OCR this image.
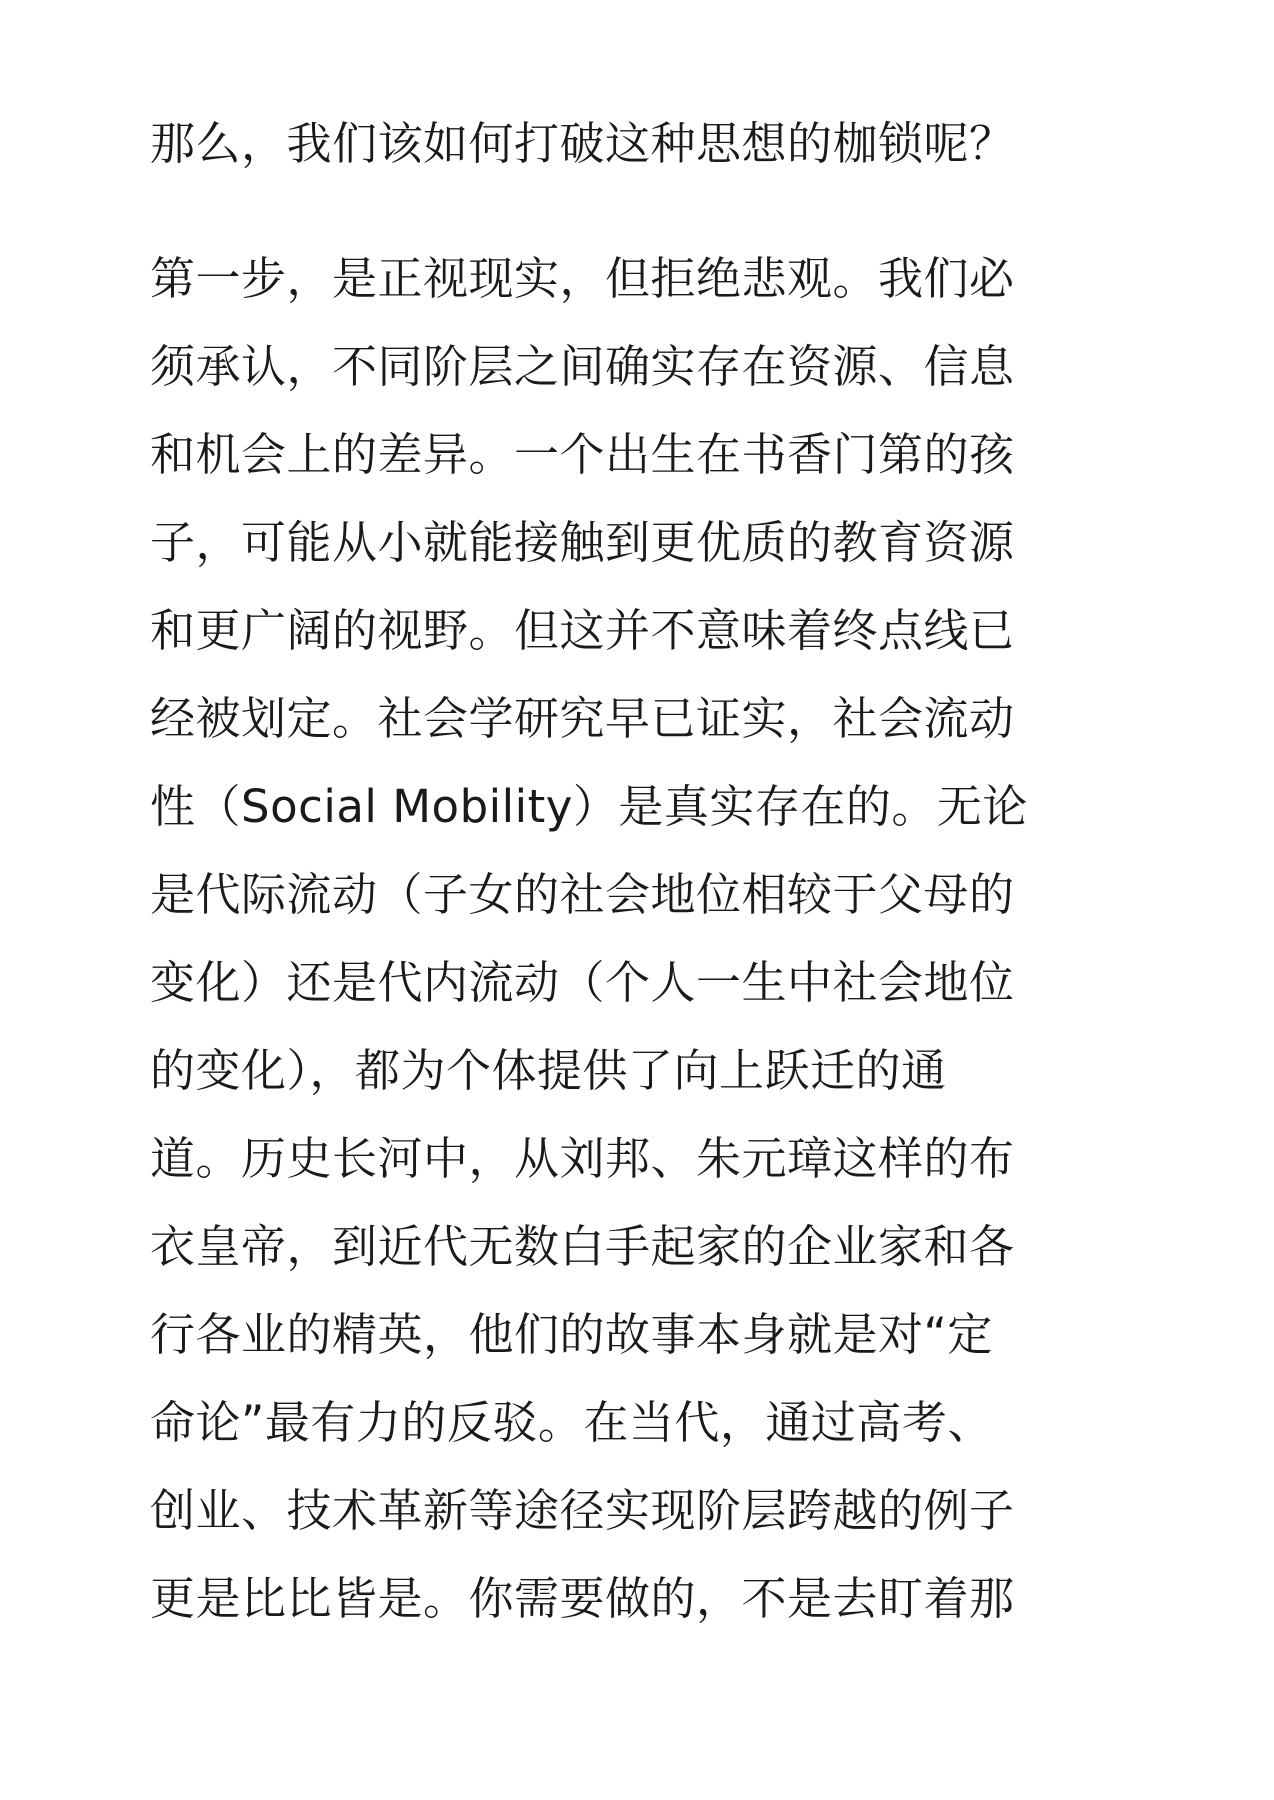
那么，我们该如何打破这种思想的枷锁呢？
第一步，是正视现实，但拒绝悲观。我们必
须承认，不同阶层之间确实存在资源、信息
和机会上的差异。一个出生在书香门第的孩
子，可能从小就能接触到更优质的教育资源
和更广阔的视野。但这并不意味着终点线已
经被划定。社会学研究早已证实，社会流动
性（Social Mobility）是真实存在的。无论
是代际流动（子女的社会地位相较于父母的
变化）还是代内流动（个人一生中社会地位
的变化），都为个体提供了向上跃迁的通
道。历史长河中，从刘邦、朱元璋这样的布
衣皇帝，到近代无数白手起家的企业家和各
行各业的精英，他们的故事本身就是对“定
命论”最有力的反驳。在当代，通过高考、
创业、技术革新等途径实现阶层跨越的例子
更是比比皆是。你需要做的，不是去盯着那
